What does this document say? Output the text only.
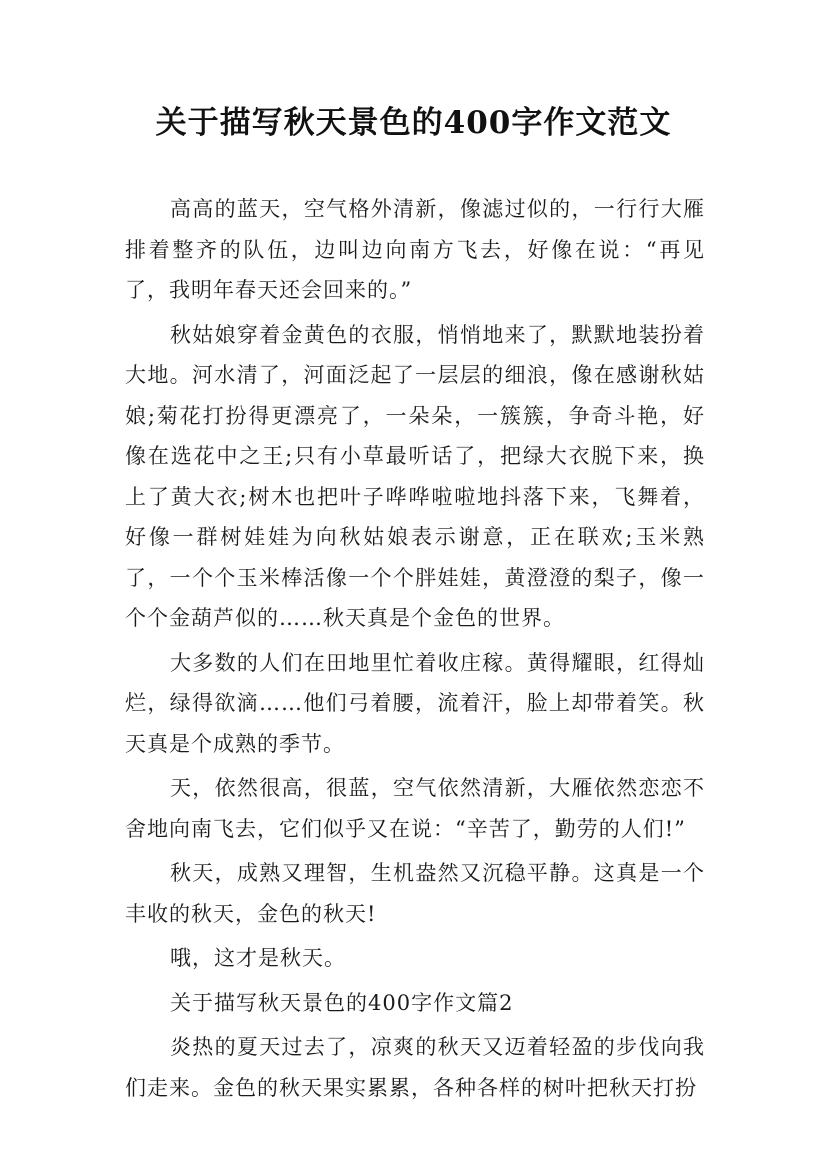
关于描写秋天景色的400字作文范文

高高的蓝天，空气格外清新，像滤过似的，一行行大雁排着整齐的队伍，边叫边向南方飞去，好像在说：“再见了，我明年春天还会回来的。”

秋姑娘穿着金黄色的衣服，悄悄地来了，默默地装扮着大地。河水清了，河面泛起了一层层的细浪，像在感谢秋姑娘;菊花打扮得更漂亮了，一朵朵，一簇簇，争奇斗艳，好像在选花中之王;只有小草最听话了，把绿大衣脱下来，换上了黄大衣;树木也把叶子哗哗啦啦地抖落下来，飞舞着，好像一群树娃娃为向秋姑娘表示谢意，正在联欢;玉米熟了，一个个玉米棒活像一个个胖娃娃，黄澄澄的梨子，像一个个金葫芦似的……秋天真是个金色的世界。

大多数的人们在田地里忙着收庄稼。黄得耀眼，红得灿烂，绿得欲滴……他们弓着腰，流着汗，脸上却带着笑。秋天真是个成熟的季节。

天，依然很高，很蓝，空气依然清新，大雁依然恋恋不舍地向南飞去，它们似乎又在说：“辛苦了，勤劳的人们!”

秋天，成熟又理智，生机盎然又沉稳平静。这真是一个丰收的秋天，金色的秋天!

哦，这才是秋天。

关于描写秋天景色的400字作文篇2

炎热的夏天过去了，凉爽的秋天又迈着轻盈的步伐向我们走来。金色的秋天果实累累，各种各样的树叶把秋天打扮
